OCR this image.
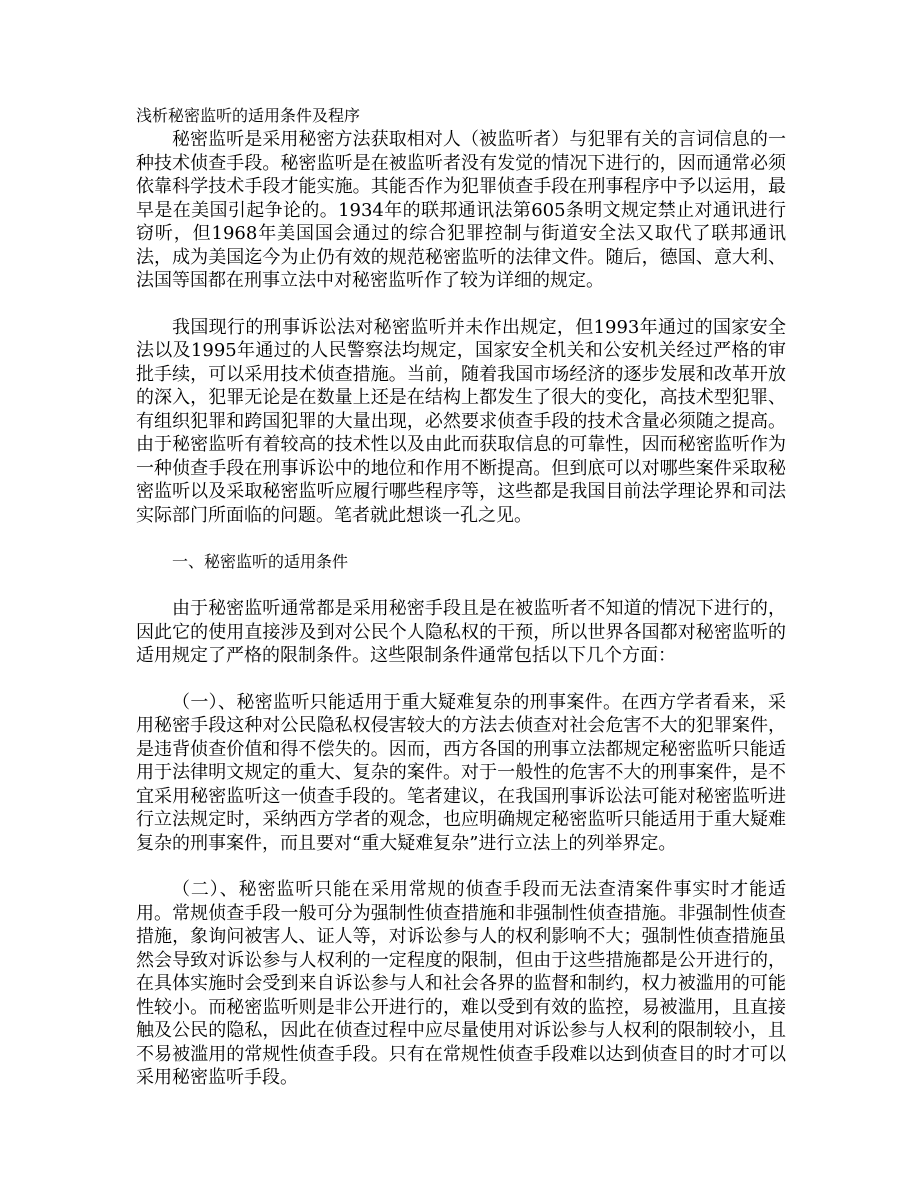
浅析秘密监听的适用条件及程序

秘密监听是采用秘密方法获取相对人（被监听者）与犯罪有关的言词信息的一种技术侦查手段。秘密监听是在被监听者没有发觉的情况下进行的，因而通常必须依靠科学技术手段才能实施。其能否作为犯罪侦查手段在刑事程序中予以运用，最早是在美国引起争论的。1934年的联邦通讯法第605条明文规定禁止对通讯进行窃听，但1968年美国国会通过的综合犯罪控制与街道安全法又取代了联邦通讯法，成为美国迄今为止仍有效的规范秘密监听的法律文件。随后，德国、意大利、法国等国都在刑事立法中对秘密监听作了较为详细的规定。

我国现行的刑事诉讼法对秘密监听并未作出规定，但1993年通过的国家安全法以及1995年通过的人民警察法均规定，国家安全机关和公安机关经过严格的审批手续，可以采用技术侦查措施。当前，随着我国市场经济的逐步发展和改革开放的深入，犯罪无论是在数量上还是在结构上都发生了很大的变化，高技术型犯罪、有组织犯罪和跨国犯罪的大量出现，必然要求侦查手段的技术含量必须随之提高。由于秘密监听有着较高的技术性以及由此而获取信息的可靠性，因而秘密监听作为一种侦查手段在刑事诉讼中的地位和作用不断提高。但到底可以对哪些案件采取秘密监听以及采取秘密监听应履行哪些程序等，这些都是我国目前法学理论界和司法实际部门所面临的问题。笔者就此想谈一孔之见。

一、秘密监听的适用条件

由于秘密监听通常都是采用秘密手段且是在被监听者不知道的情况下进行的，因此它的使用直接涉及到对公民个人隐私权的干预，所以世界各国都对秘密监听的适用规定了严格的限制条件。这些限制条件通常包括以下几个方面：

（一）、秘密监听只能适用于重大疑难复杂的刑事案件。在西方学者看来，采用秘密手段这种对公民隐私权侵害较大的方法去侦查对社会危害不大的犯罪案件，是违背侦查价值和得不偿失的。因而，西方各国的刑事立法都规定秘密监听只能适用于法律明文规定的重大、复杂的案件。对于一般性的危害不大的刑事案件，是不宜采用秘密监听这一侦查手段的。笔者建议，在我国刑事诉讼法可能对秘密监听进行立法规定时，采纳西方学者的观念，也应明确规定秘密监听只能适用于重大疑难复杂的刑事案件，而且要对“重大疑难复杂”进行立法上的列举界定。

（二）、秘密监听只能在采用常规的侦查手段而无法查清案件事实时才能适用。常规侦查手段一般可分为强制性侦查措施和非强制性侦查措施。非强制性侦查措施，象询问被害人、证人等，对诉讼参与人的权利影响不大；强制性侦查措施虽然会导致对诉讼参与人权利的一定程度的限制，但由于这些措施都是公开进行的，在具体实施时会受到来自诉讼参与人和社会各界的监督和制约，权力被滥用的可能性较小。而秘密监听则是非公开进行的，难以受到有效的监控，易被滥用，且直接触及公民的隐私，因此在侦查过程中应尽量使用对诉讼参与人权利的限制较小，且不易被滥用的常规性侦查手段。只有在常规性侦查手段难以达到侦查目的时才可以采用秘密监听手段。
